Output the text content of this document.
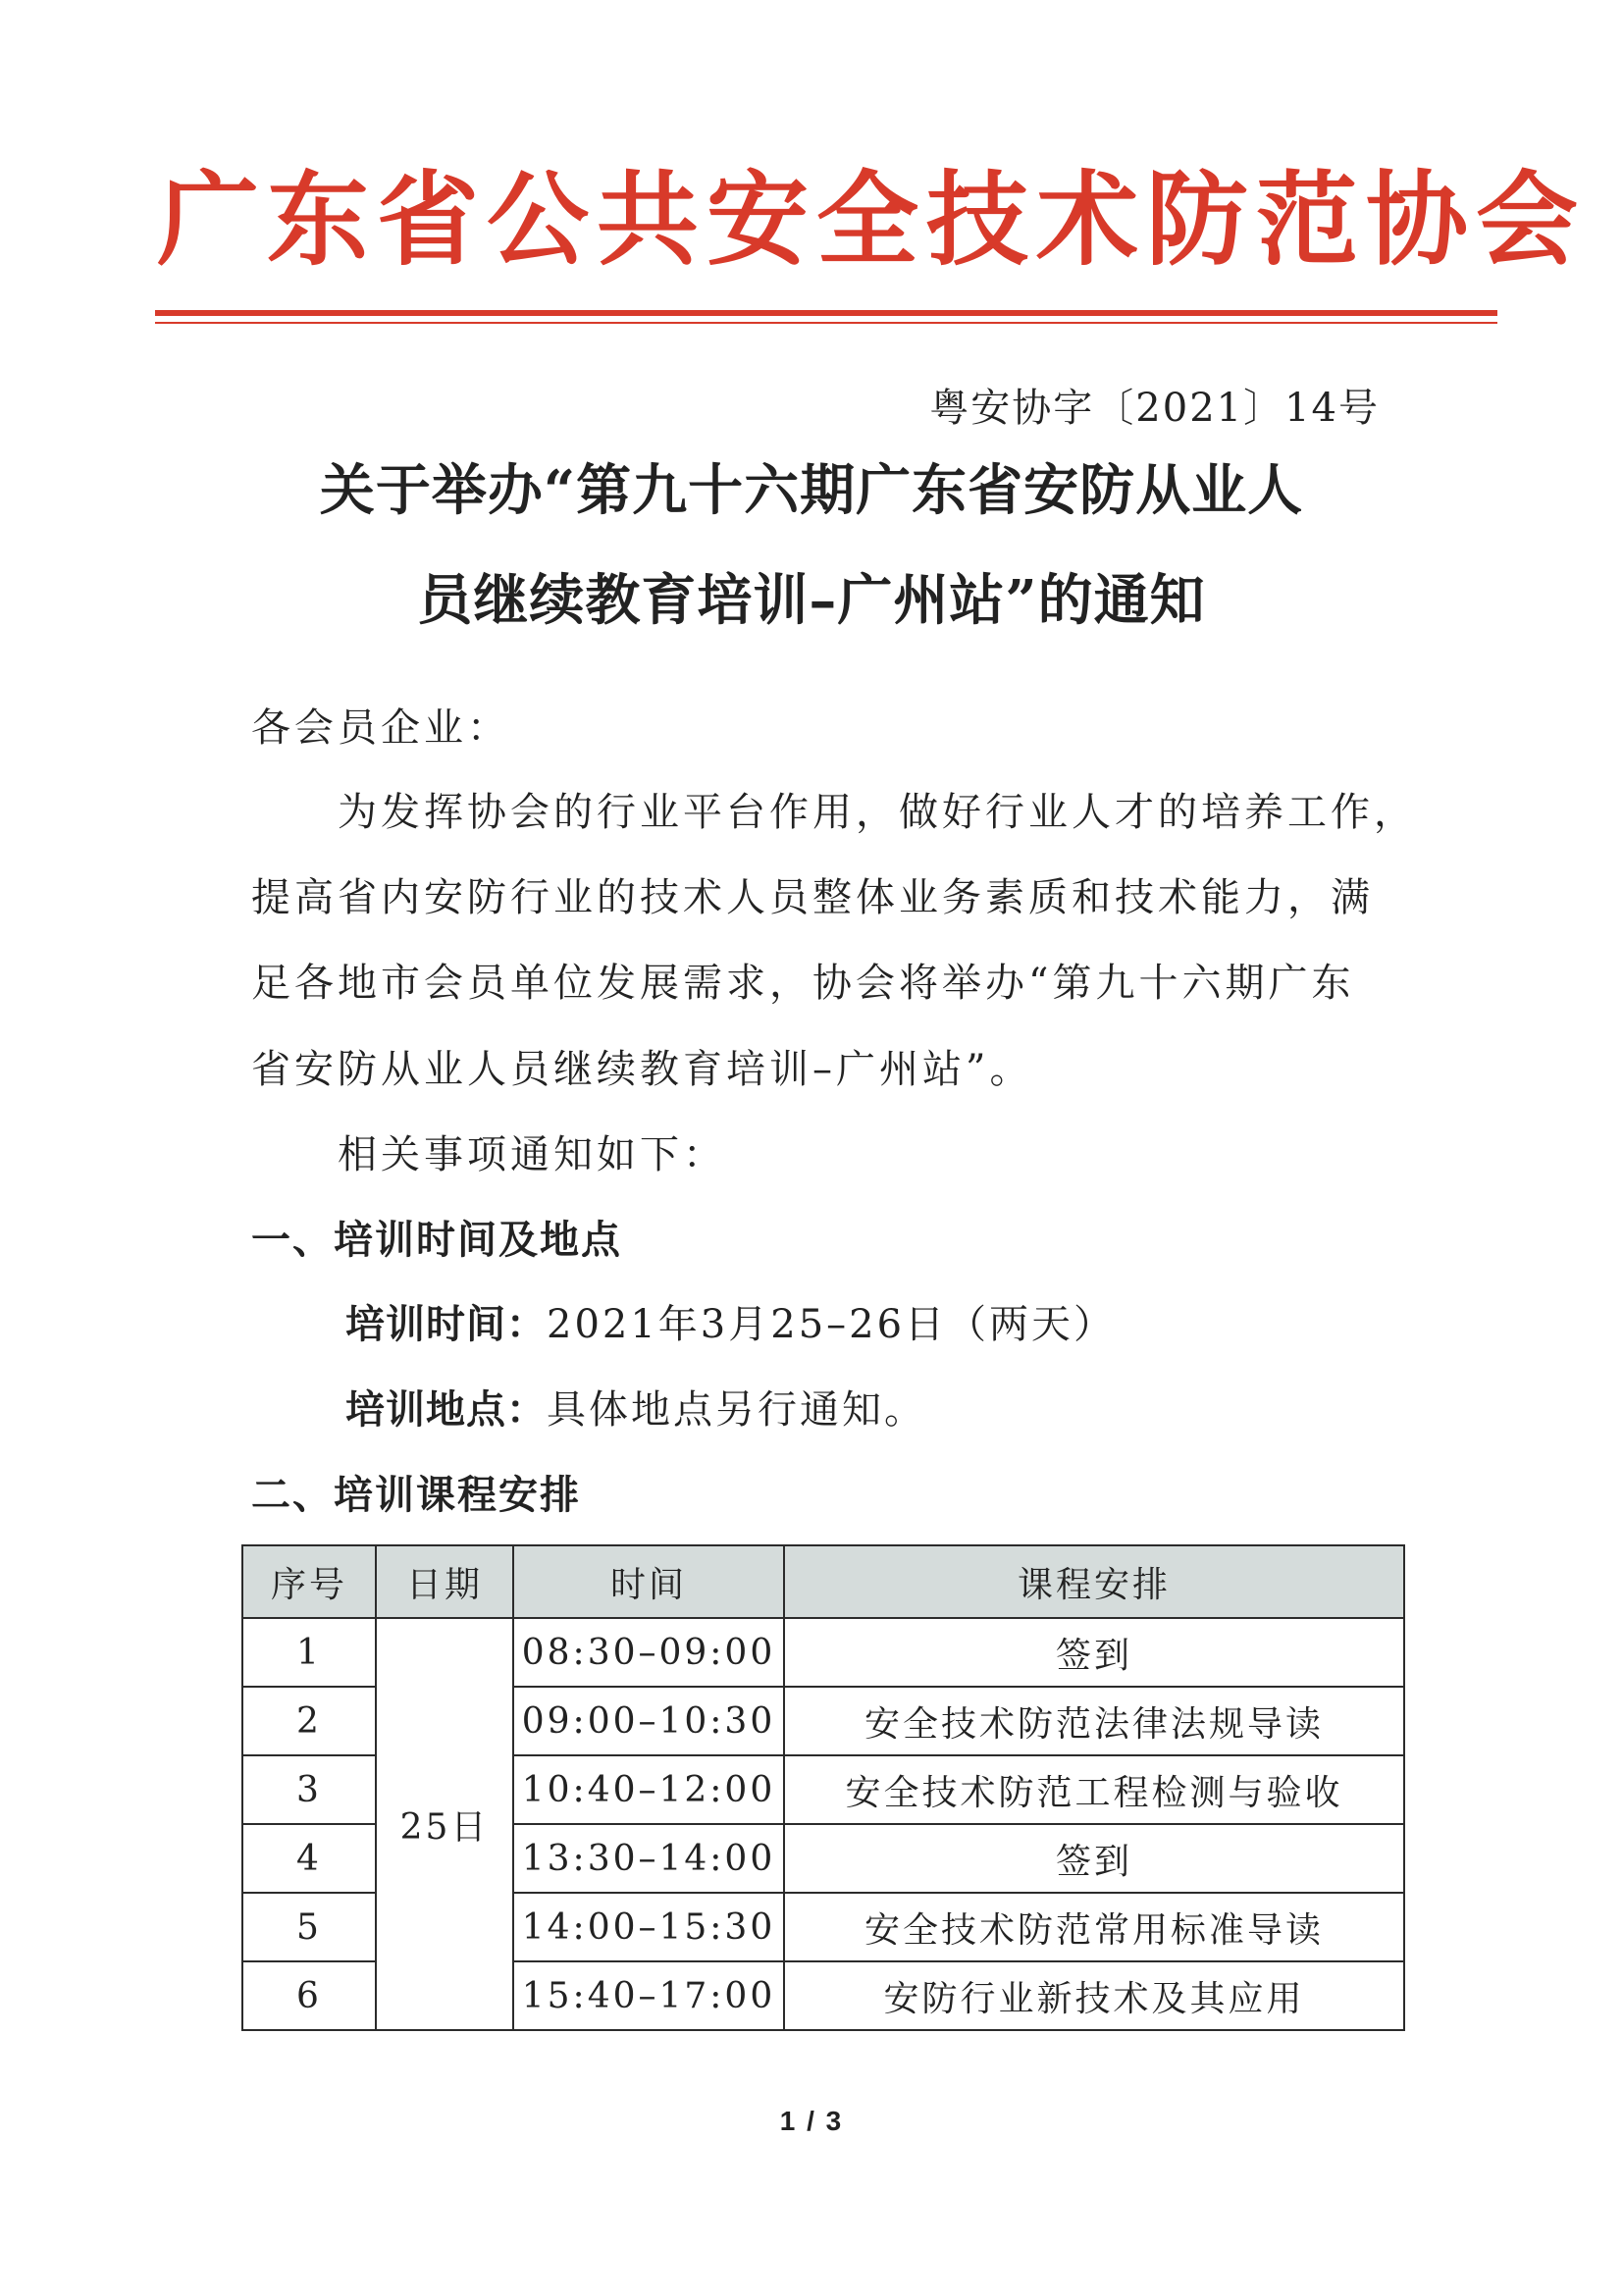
广东省公共安全技术防范协会
粤安协字〔2021〕14号
关于举办“第九十六期广东省安防从业人
员继续教育培训–广州站”的通知
各会员企业：
为发挥协会的行业平台作用，做好行业人才的培养工作，
提高省内安防行业的技术人员整体业务素质和技术能力，满
足各地市会员单位发展需求，协会将举办“第九十六期广东
省安防从业人员继续教育培训–广州站”。
相关事项通知如下：
一、培训时间及地点
培训时间：2021年3月25–26日（两天）
培训地点：具体地点另行通知。
二、培训课程安排
序号	日期	时间	课程安排
1	25日	08:30–09:00	签到
2		09:00–10:30	安全技术防范法律法规导读
3		10:40–12:00	安全技术防范工程检测与验收
4		13:30–14:00	签到
5		14:00–15:30	安全技术防范常用标准导读
6		15:40–17:00	安防行业新技术及其应用
1 / 3
